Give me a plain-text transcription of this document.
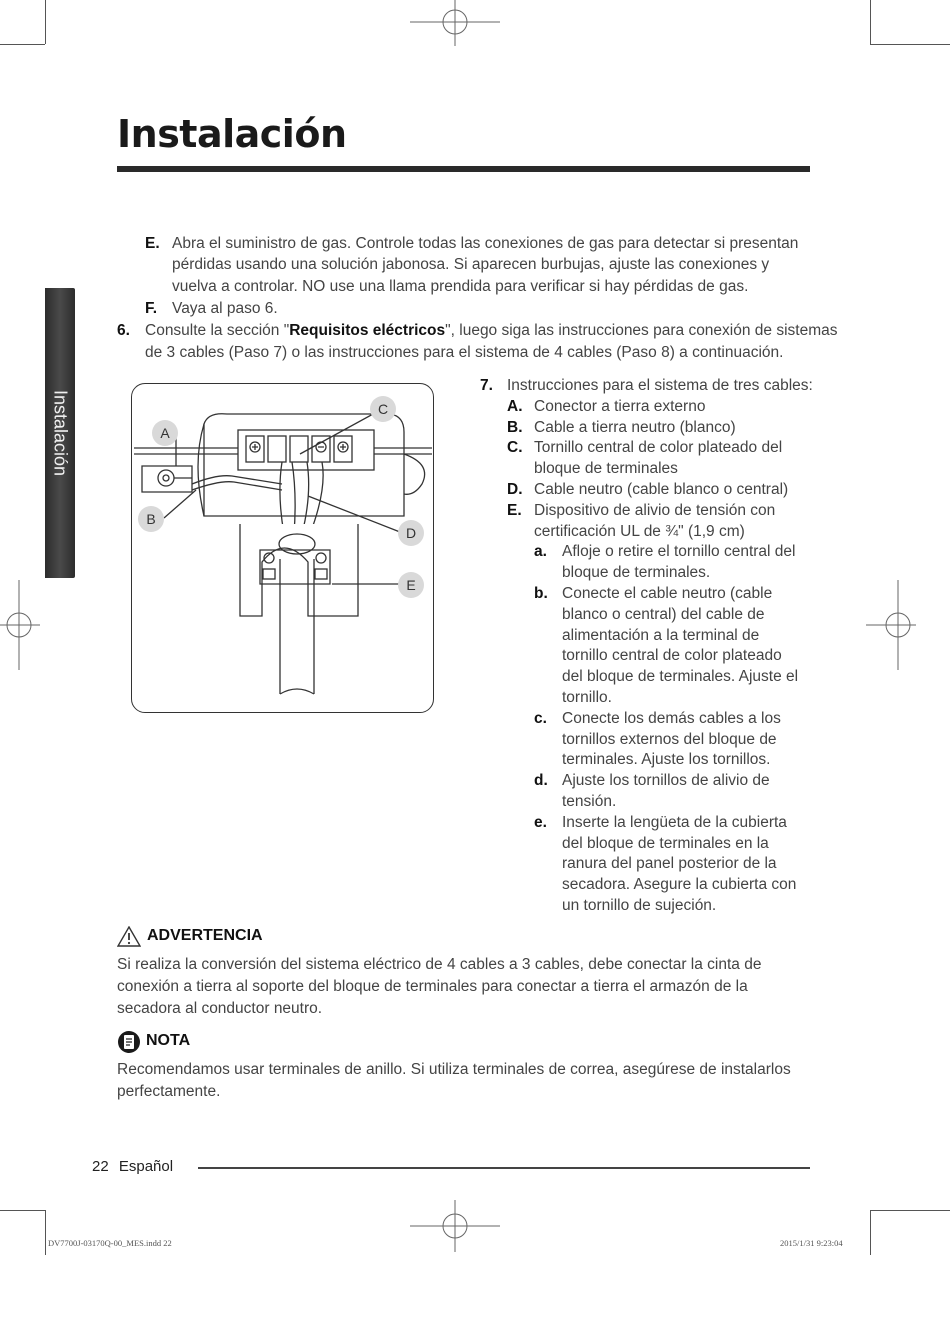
Instalación
Instalación
E. Abra el suministro de gas. Controle todas las conexiones de gas para detectar si presentan
pérdidas usando una solución jabonosa. Si aparecen burbujas, ajuste las conexiones y
vuelva a controlar. NO use una llama prendida para verificar si hay pérdidas de gas.
F. Vaya al paso 6.
6. Consulte la sección "Requisitos eléctricos", luego siga las instrucciones para conexión de sistemas
de 3 cables (Paso 7) o las instrucciones para el sistema de 4 cables (Paso 8) a continuación.
A
B
C
D
E
7. Instrucciones para el sistema de tres cables:
A. Conector a tierra externo
B. Cable a tierra neutro (blanco)
C. Tornillo central de color plateado del
bloque de terminales
D. Cable neutro (cable blanco o central)
E. Dispositivo de alivio de tensión con
certificación UL de ¾" (1,9 cm)
a. Afloje o retire el tornillo central del
bloque de terminales.
b. Conecte el cable neutro (cable
blanco o central) del cable de
alimentación a la terminal de
tornillo central de color plateado
del bloque de terminales. Ajuste el
tornillo.
c. Conecte los demás cables a los
tornillos externos del bloque de
terminales. Ajuste los tornillos.
d. Ajuste los tornillos de alivio de
tensión.
e. Inserte la lengüeta de la cubierta
del bloque de terminales en la
ranura del panel posterior de la
secadora. Asegure la cubierta con
un tornillo de sujeción.
ADVERTENCIA
Si realiza la conversión del sistema eléctrico de 4 cables a 3 cables, debe conectar la cinta de
conexión a tierra al soporte del bloque de terminales para conectar a tierra el armazón de la
secadora al conductor neutro.
NOTA
Recomendamos usar terminales de anillo. Si utiliza terminales de correa, asegúrese de instalarlos
perfectamente.
22 Español
DV7700J-03170Q-00_MES.indd 22	2015/1/31 9:23:04
